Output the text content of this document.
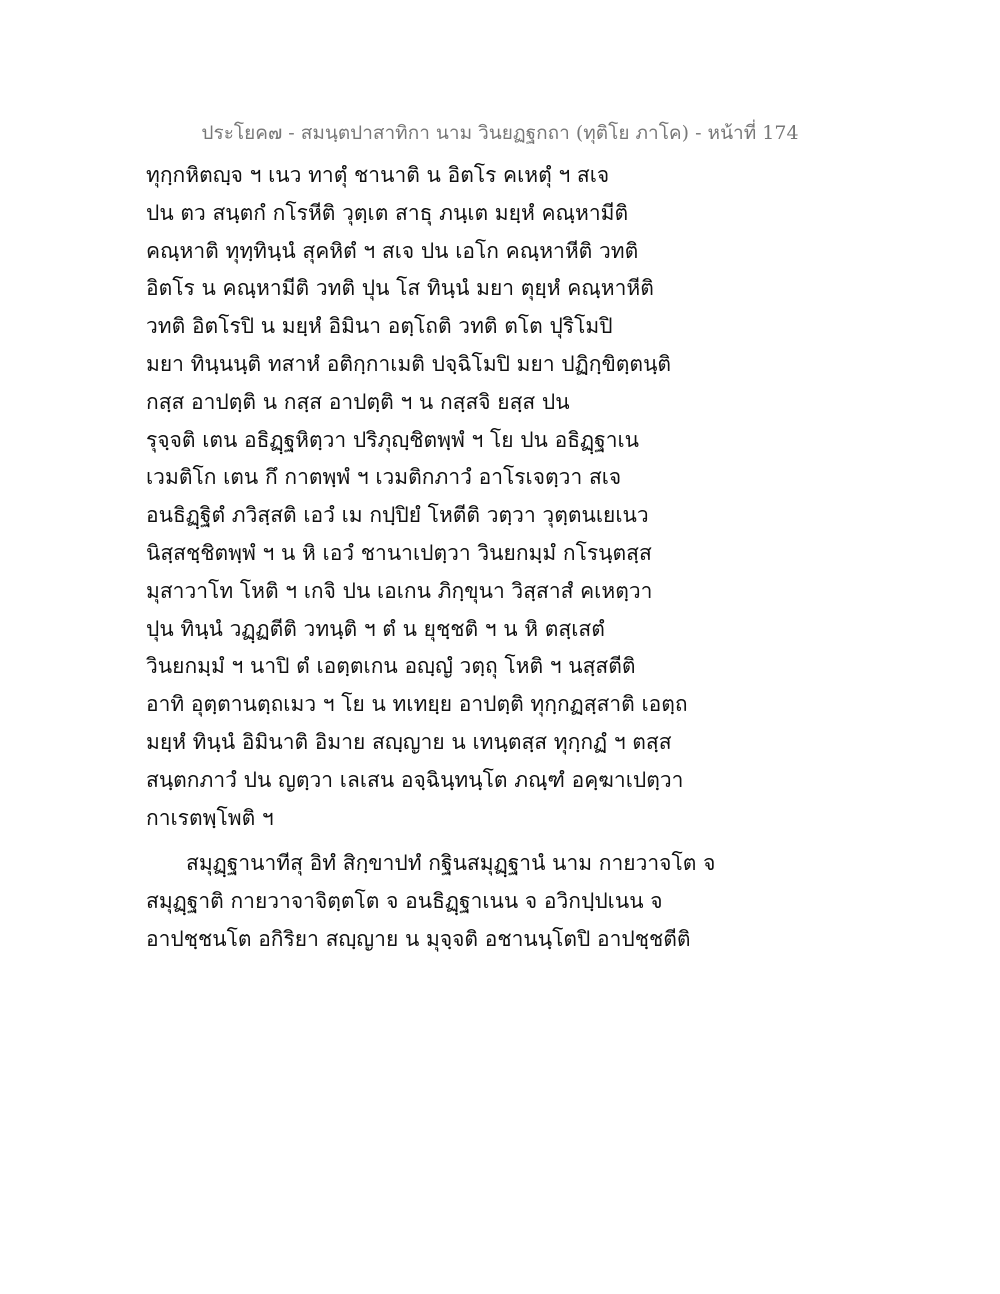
ประโยค๗ - สมนฺตปาสาทิกา นาม วินยฏฐกถา (ทุติโย ภาโค) - หน้าที่ 174
ทุกฺกหิตญฺจ ฯ เนว ทาตุํ ชานาติ น อิตโร คเหตุํ ฯ สเจ
ปน ตว สนฺตกํ กโรหีติ วุตฺเต สาธุ ภนฺเต มยฺหํ คณฺหามีติ
คณฺหาติ ทุทฺทินฺนํ สุคหิตํ ฯ สเจ ปน เอโก คณฺหาหีติ วทติ
อิตโร น คณฺหามีติ วทติ ปุน โส ทินฺนํ มยา ตุยฺหํ คณฺหาหีติ
วทติ อิตโรปิ น มยฺหํ อิมินา อตฺโถติ วทติ ตโต ปุริโมปิ
มยา ทินฺนนฺติ ทสาหํ อติกฺกาเมติ ปจฺฉิโมปิ มยา ปฏิกฺขิตฺตนฺติ
กสฺส อาปตฺติ น กสฺส อาปตฺติ ฯ น กสฺสจิ ยสฺส ปน
รุจฺจติ เตน อธิฏฺฐหิตฺวา ปริภุญฺชิตพฺพํ ฯ โย ปน อธิฏฺฐาเน
เวมติโก เตน กึ กาตพฺพํ ฯ เวมติกภาวํ อาโรเจตฺวา สเจ
อนธิฏฺฐิตํ ภวิสฺสติ เอวํ เม กปฺปิยํ โหตีติ วตฺวา วุตฺตนเยเนว
นิสฺสชฺชิตพฺพํ ฯ น หิ เอวํ ชานาเปตฺวา วินยกมฺมํ กโรนฺตสฺส
มุสาวาโท โหติ ฯ เกจิ ปน เอเกน ภิกฺขุนา วิสฺสาสํ คเหตฺวา
ปุน ทินฺนํ วฏฺฏตีติ วทนฺติ ฯ ตํ น ยุชฺชติ ฯ น หิ ตสฺเสตํ
วินยกมฺมํ ฯ นาปิ ตํ เอตฺตเกน อญฺญํ วตฺถุ โหติ ฯ นสฺสตีติ
อาทิ อุตฺตานตฺถเมว ฯ โย น ทเทยฺย อาปตฺติ ทุกฺกฏสฺสาติ เอตฺถ
มยฺหํ ทินฺนํ อิมินาติ อิมาย สญฺญาย น เทนฺตสฺส ทุกฺกฏํ ฯ ตสฺส
สนฺตกภาวํ ปน ญตฺวา เลเสน อจฺฉินฺทนฺโต ภณฺฑํ อคฺฆาเปตฺวา
กาเรตพฺโพติ ฯ
สมุฏฺฐานาทีสุ อิทํ สิกฺขาปทํ กฐินสมุฏฺฐานํ นาม กายวาจโต จ
สมุฏฺฐาติ กายวาจาจิตฺตโต จ อนธิฏฺฐาเนน จ อวิกปฺปเนน จ
อาปชฺชนโต อกิริยา สญฺญาย น มุจฺจติ อชานนฺโตปิ อาปชฺชตีติ
